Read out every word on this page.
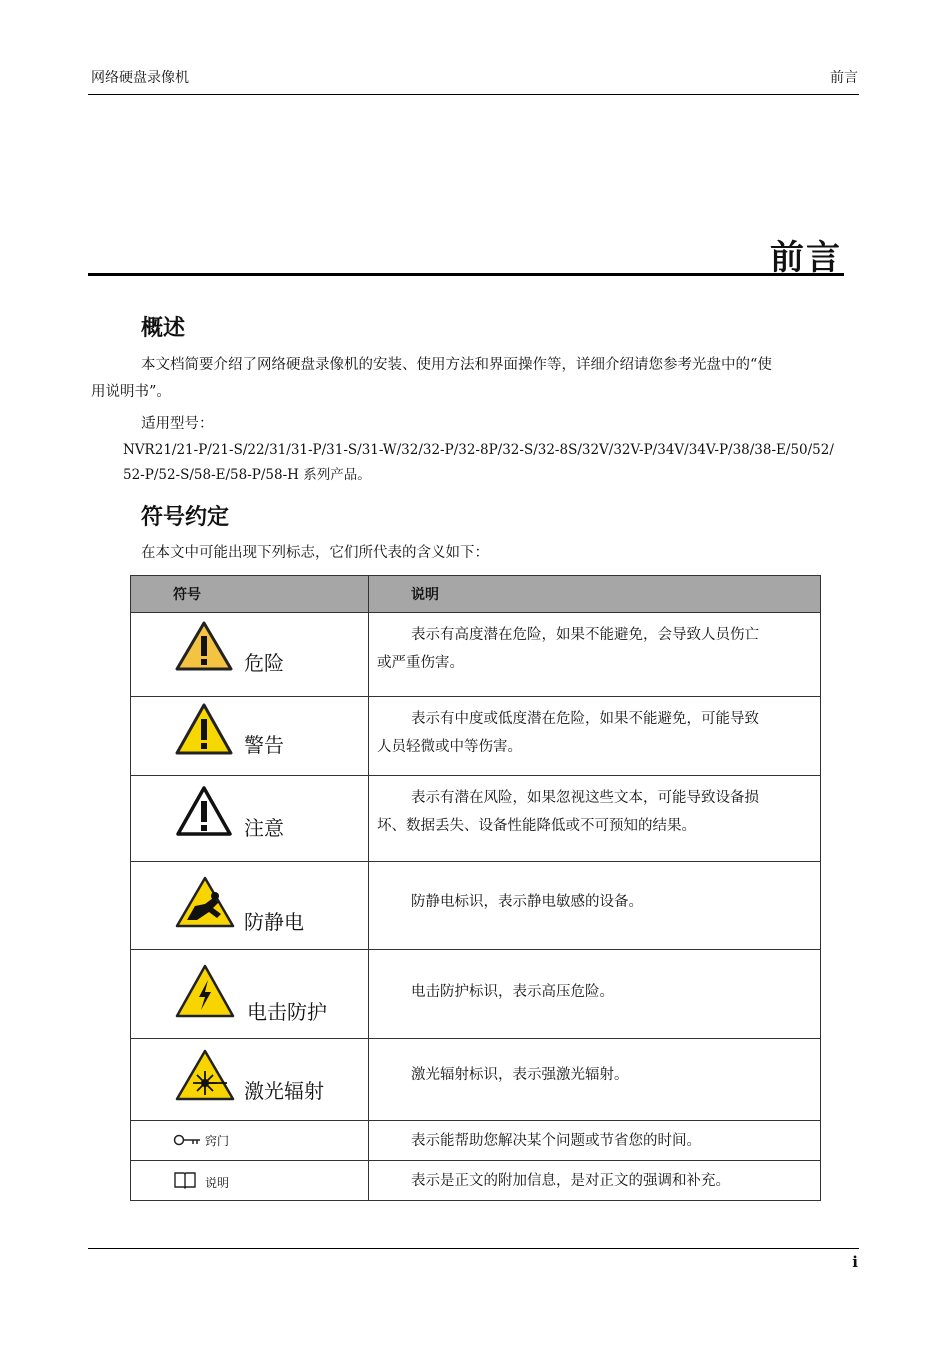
网络硬盘录像机	前言
前言
概述
本文档简要介绍了网络硬盘录像机的安装、使用方法和界面操作等，详细介绍请您参考光盘中的“使
用说明书”。
适用型号：
NVR21/21-P/21-S/22/31/31-P/31-S/31-W/32/32-P/32-8P/32-S/32-8S/32V/32V-P/34V/34V-P/38/38-E/50/52/
52-P/52-S/58-E/58-P/58-H 系列产品。
符号约定
在本文中可能出现下列标志，它们所代表的含义如下：
符号	说明

危险	表示有高度潜在危险，如果不能避免，会导致人员伤亡
或严重伤害。

警告	表示有中度或低度潜在危险，如果不能避免，可能导致
人员轻微或中等伤害。

注意	表示有潜在风险，如果忽视这些文本，可能导致设备损
坏、数据丢失、设备性能降低或不可预知的结果。

防静电	防静电标识，表示静电敏感的设备。

电击防护	电击防护标识，表示高压危险。

激光辐射	激光辐射标识，表示强激光辐射。

窍门	表示能帮助您解决某个问题或节省您的时间。

说明	表示是正文的附加信息，是对正文的强调和补充。
i
